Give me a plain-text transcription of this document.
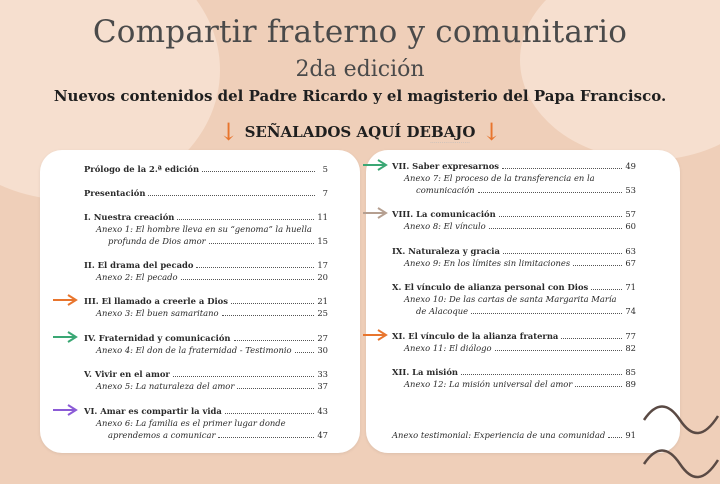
Compartir fraterno y comunitario
2da edición
Nuevos contenidos del Padre Ricardo y el magisterio del Papa Francisco.
↓ SEÑALADOS AQUÍ DEBAJO ↓
·····················
Prólogo de la 2.ª edición	5
Presentación	7
I. Nuestra creación	11
Anexo 1: El hombre lleva en su “genoma” la huella
profunda de Dios amor	15
II. El drama del pecado	17
Anexo 2: El pecado	20
III. El llamado a creerle a Dios	21
Anexo 3: El buen samaritano	25
IV. Fraternidad y comunicación	27
Anexo 4: El don de la fraternidad - Testimonio	30
V. Vivir en el amor	33
Anexo 5: La naturaleza del amor	37
VI. Amar es compartir la vida	43
Anexo 6: La familia es el primer lugar donde
aprendemos a comunicar	47
VII. Saber expresarnos	49
Anexo 7: El proceso de la transferencia en la
comunicación	53
VIII. La comunicación	57
Anexo 8: El vínculo	60
IX. Naturaleza y gracia	63
Anexo 9: En los límites sin limitaciones	67
X. El vínculo de alianza personal con Dios	71
Anexo 10: De las cartas de santa Margarita María
de Alacoque	74
XI. El vínculo de la alianza fraterna	77
Anexo 11: El diálogo	82
XII. La misión	85
Anexo 12: La misión universal del amor	89
Anexo testimonial: Experiencia de una comunidad 91
